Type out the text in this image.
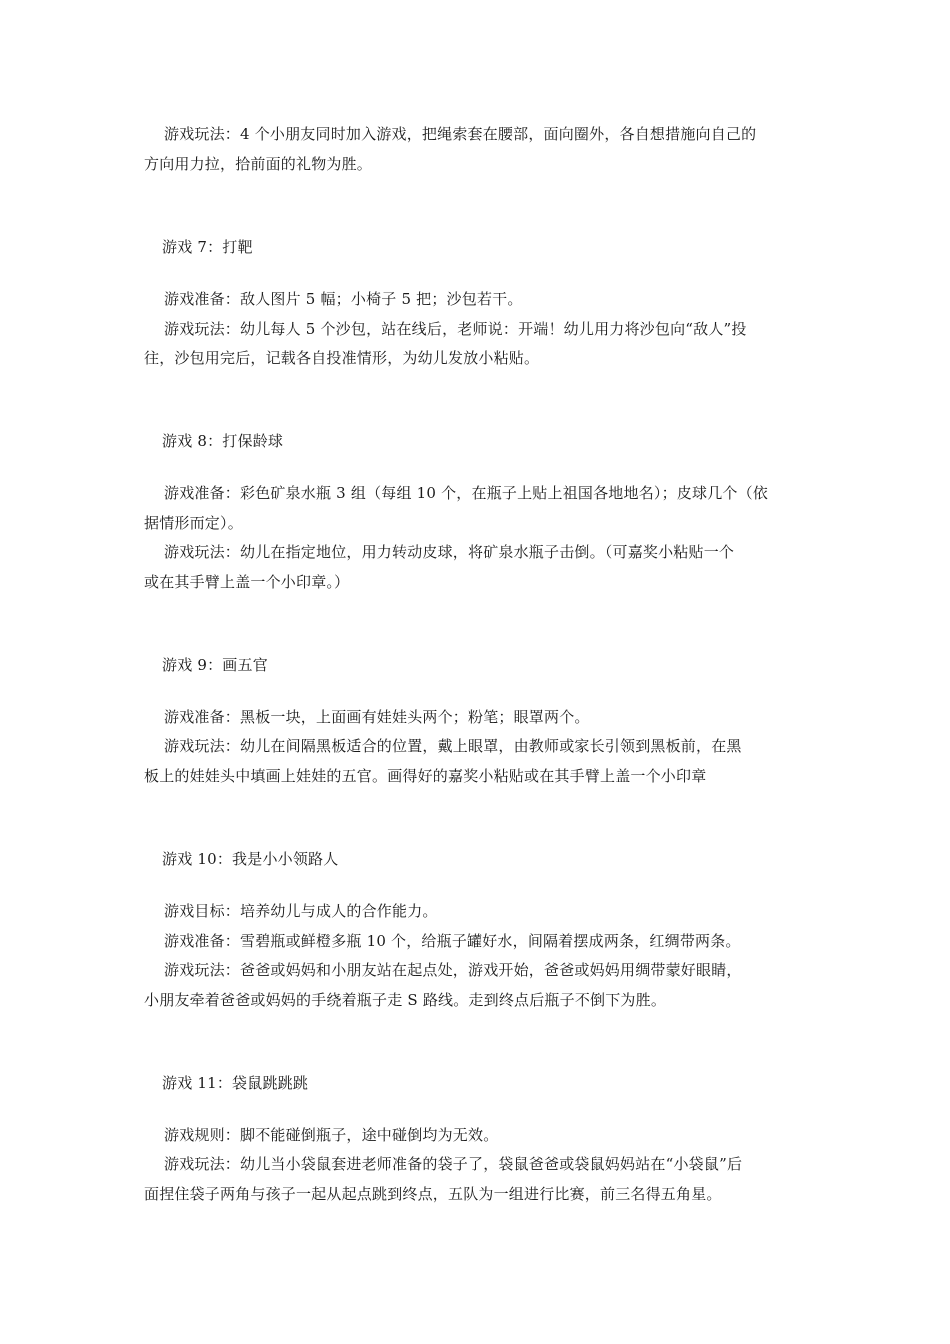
游戏玩法：4 个小朋友同时加入游戏，把绳索套在腰部，面向圈外，各自想措施向自己的
方向用力拉，拾前面的礼物为胜。
游戏 7：打靶
游戏准备：敌人图片 5 幅；小椅子 5 把；沙包若干。
游戏玩法：幼儿每人 5 个沙包，站在线后，老师说：开端！幼儿用力将沙包向“敌人”投
往，沙包用完后，记载各自投准情形，为幼儿发放小粘贴。
游戏 8：打保龄球
游戏准备：彩色矿泉水瓶 3 组（每组 10 个，在瓶子上贴上祖国各地地名）；皮球几个（依
据情形而定）。
游戏玩法：幼儿在指定地位，用力转动皮球，将矿泉水瓶子击倒。（可嘉奖小粘贴一个
或在其手臂上盖一个小印章。）
游戏 9：画五官
游戏准备：黑板一块，上面画有娃娃头两个；粉笔；眼罩两个。
游戏玩法：幼儿在间隔黑板适合的位置，戴上眼罩，由教师或家长引领到黑板前，在黑
板上的娃娃头中填画上娃娃的五官。画得好的嘉奖小粘贴或在其手臂上盖一个小印章
游戏 10：我是小小领路人
游戏目标：培养幼儿与成人的合作能力。
游戏准备：雪碧瓶或鲜橙多瓶 10 个，给瓶子罐好水，间隔着摆成两条，红绸带两条。
游戏玩法：爸爸或妈妈和小朋友站在起点处，游戏开始，爸爸或妈妈用绸带蒙好眼睛，
小朋友牵着爸爸或妈妈的手绕着瓶子走 S 路线。走到终点后瓶子不倒下为胜。
游戏 11：袋鼠跳跳跳
游戏规则：脚不能碰倒瓶子，途中碰倒均为无效。
游戏玩法：幼儿当小袋鼠套进老师准备的袋子了，袋鼠爸爸或袋鼠妈妈站在“小袋鼠”后
面捏住袋子两角与孩子一起从起点跳到终点，五队为一组进行比赛，前三名得五角星。
